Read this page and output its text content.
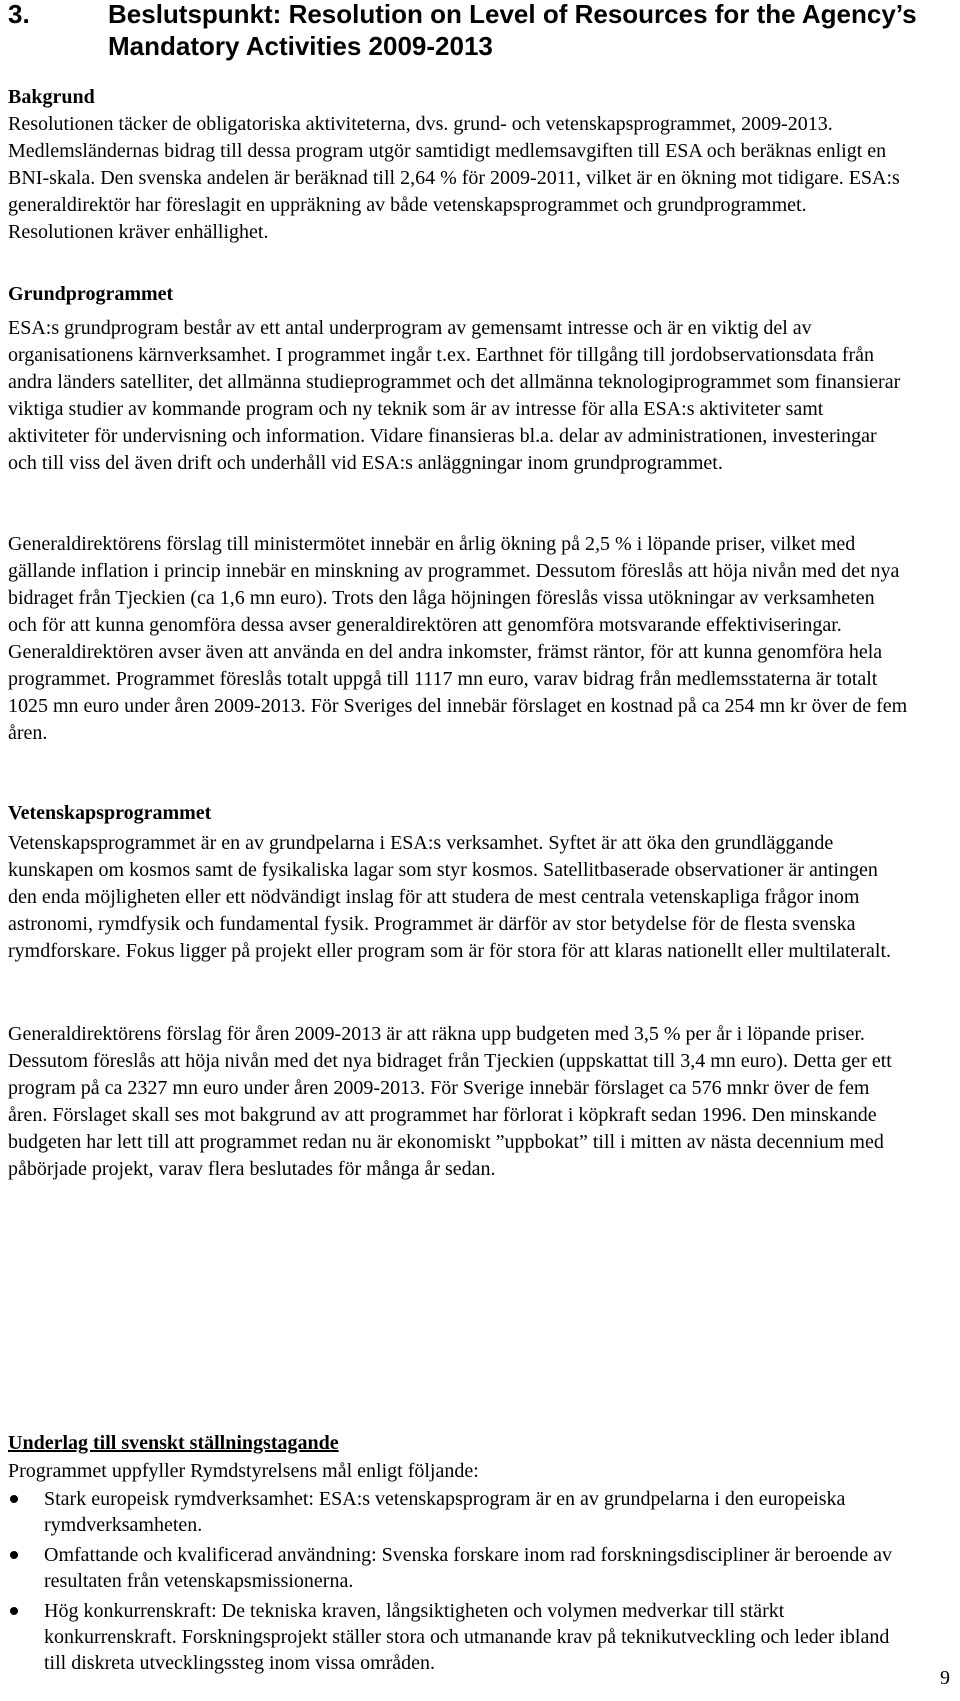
3.	Beslutspunkt: Resolution on Level of Resources for the Agency’s Mandatory Activities 2009-2013
Bakgrund

Resolutionen täcker de obligatoriska aktiviteterna, dvs. grund- och vetenskapsprogrammet, 2009-2013. Medlemsländernas bidrag till dessa program utgör samtidigt medlemsavgiften till ESA och beräknas enligt en BNI-skala. Den svenska andelen är beräknad till 2,64 % för 2009-2011, vilket är en ökning mot tidigare. ESA:s generaldirektör har föreslagit en uppräkning av både vetenskapsprogrammet och grundprogrammet. Resolutionen kräver enhällighet.

Grundprogrammet

ESA:s grundprogram består av ett antal underprogram av gemensamt intresse och är en viktig del av organisationens kärnverksamhet. I programmet ingår t.ex. Earthnet för tillgång till jordobservationsdata från andra länders satelliter, det allmänna studieprogrammet och det allmänna teknologiprogrammet som finansierar viktiga studier av kommande program och ny teknik som är av intresse för alla ESA:s aktiviteter samt aktiviteter för undervisning och information. Vidare finansieras bl.a. delar av administrationen, investeringar och till viss del även drift och underhåll vid ESA:s anläggningar inom grundprogrammet.

Generaldirektörens förslag till ministermötet innebär en årlig ökning på 2,5 % i löpande priser, vilket med gällande inflation i princip innebär en minskning av programmet. Dessutom föreslås att höja nivån med det nya bidraget från Tjeckien (ca 1,6 mn euro). Trots den låga höjningen föreslås vissa utökningar av verksamheten och för att kunna genomföra dessa avser generaldirektören att genomföra motsvarande effektiviseringar. Generaldirektören avser även att använda en del andra inkomster, främst räntor, för att kunna genomföra hela programmet. Programmet föreslås totalt uppgå till 1117 mn euro, varav bidrag från medlemsstaterna är totalt 1025 mn euro under åren 2009-2013. För Sveriges del innebär förslaget en kostnad på ca 254 mn kr över de fem åren.

Vetenskapsprogrammet

Vetenskapsprogrammet är en av grundpelarna i ESA:s verksamhet. Syftet är att öka den grundläggande kunskapen om kosmos samt de fysikaliska lagar som styr kosmos. Satellitbaserade observationer är antingen den enda möjligheten eller ett nödvändigt inslag för att studera de mest centrala vetenskapliga frågor inom astronomi, rymdfysik och fundamental fysik. Programmet är därför av stor betydelse för de flesta svenska rymdforskare. Fokus ligger på projekt eller program som är för stora för att klaras nationellt eller multilateralt.

Generaldirektörens förslag för åren 2009-2013 är att räkna upp budgeten med 3,5 % per år i löpande priser. Dessutom föreslås att höja nivån med det nya bidraget från Tjeckien (uppskattat till 3,4 mn euro). Detta ger ett program på ca 2327 mn euro under åren 2009-2013. För Sverige innebär förslaget ca 576 mnkr över de fem åren. Förslaget skall ses mot bakgrund av att programmet har förlorat i köpkraft sedan 1996. Den minskande budgeten har lett till att programmet redan nu är ekonomiskt ”uppbokat” till i mitten av nästa decennium med påbörjade projekt, varav flera beslutades för många år sedan.

Underlag till svenskt ställningstagande

Programmet uppfyller Rymdstyrelsens mål enligt följande:

Stark europeisk rymdverksamhet: ESA:s vetenskapsprogram är en av grundpelarna i den europeiska rymdverksamheten.
Omfattande och kvalificerad användning: Svenska forskare inom rad forskningsdiscipliner är beroende av resultaten från vetenskapsmissionerna.
Hög konkurrenskraft: De tekniska kraven, långsiktigheten och volymen medverkar till stärkt konkurrenskraft. Forskningsprojekt ställer stora och utmanande krav på teknikutveckling och leder ibland till diskreta utvecklingssteg inom vissa områden.
9
